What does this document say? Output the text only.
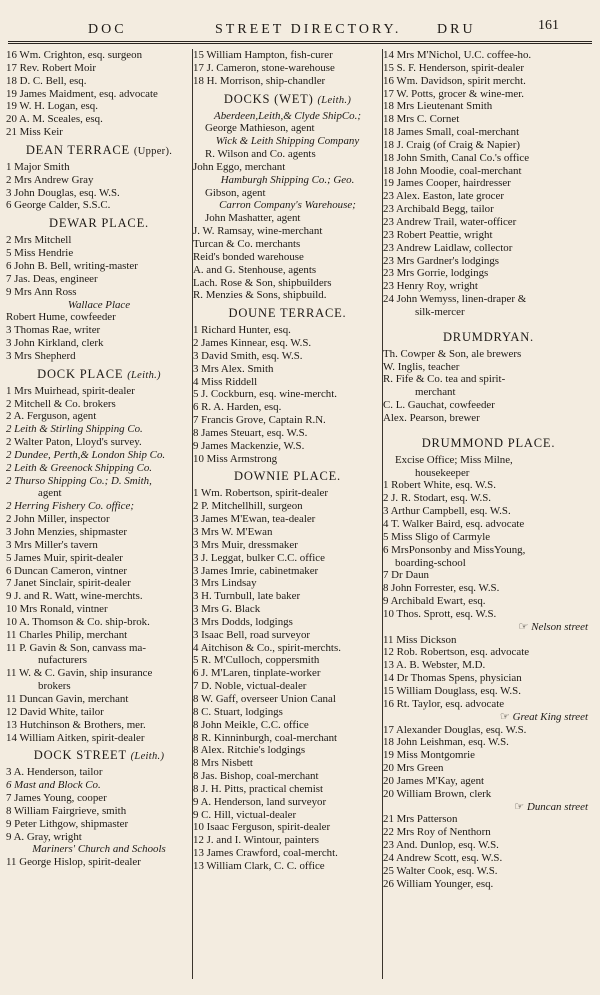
DOC	STREET DIRECTORY.	DRU	161
16 Wm. Crighton, esq. surgeon
17 Rev. Robert Moir
18 D. C. Bell, esq.
19 James Maidment, esq. advocate
19 W. H. Logan, esq.
20 A. M. Sceales, esq.
21 Miss Keir
DEAN TERRACE (Upper).
1 Major Smith
2 Mrs Andrew Gray
3 John Douglas, esq. W.S.
6 George Calder, S.S.C.
DEWAR PLACE.
2 Mrs Mitchell
5 Miss Hendrie
6 John B. Bell, writing-master
7 Jas. Deas, engineer
9 Mrs Ann Ross
Wallace Place
Robert Hume, cowfeeder
3 Thomas Rae, writer
3 John Kirkland, clerk
3 Mrs Shepherd
DOCK PLACE (Leith.)
1 Mrs Muirhead, spirit-dealer
2 Mitchell & Co. brokers
2 A. Ferguson, agent
2 Leith & Stirling Shipping Co.
2 Walter Paton, Lloyd's survey.
2 Dundee, Perth,& London Ship Co.
2 Leith & Greenock Shipping Co.
2 Thurso Shipping Co.; D. Smith,
agent
2 Herring Fishery Co. office;
2 John Miller, inspector
3 John Menzies, shipmaster
3 Mrs Miller's tavern
5 James Muir, spirit-dealer
6 Duncan Cameron, vintner
7 Janet Sinclair, spirit-dealer
9 J. and R. Watt, wine-merchts.
10 Mrs Ronald, vintner
10 A. Thomson & Co. ship-brok.
11 Charles Philip, merchant
11 P. Gavin & Son, canvass ma-
nufacturers
11 W. & C. Gavin, ship insurance
brokers
11 Duncan Gavin, merchant
12 David White, tailor
13 Hutchinson & Brothers, mer.
14 William Aitken, spirit-dealer
DOCK STREET (Leith.)
3 A. Henderson, tailor
6 Mast and Block Co.
7 James Young, cooper
8 William Fairgrieve, smith
9 Peter Lithgow, shipmaster
9 A. Gray, wright
Mariners' Church and Schools
11 George Hislop, spirit-dealer
15 William Hampton, fish-curer
17 J. Cameron, stone-warehouse
18 H. Morrison, ship-chandler
DOCKS (WET) (Leith.)
Aberdeen,Leith,& Clyde ShipCo.;
George Mathieson, agent
Wick & Leith Shipping Company
R. Wilson and Co. agents
John Eggo, merchant
Hamburgh Shipping Co.; Geo.
Gibson, agent
Carron Company's Warehouse;
John Mashatter, agent
J. W. Ramsay, wine-merchant
Turcan & Co. merchants
Reid's bonded warehouse
A. and G. Stenhouse, agents
Lach. Rose & Son, shipbuilders
R. Menzies & Sons, shipbuild.
DOUNE TERRACE.
1 Richard Hunter, esq.
2 James Kinnear, esq. W.S.
3 David Smith, esq. W.S.
3 Mrs Alex. Smith
4 Miss Riddell
5 J. Cockburn, esq. wine-mercht.
6 R. A. Harden, esq.
7 Francis Grove, Captain R.N.
8 James Steuart, esq. W.S.
9 James Mackenzie, W.S.
10 Miss Armstrong
DOWNIE PLACE.
1 Wm. Robertson, spirit-dealer
2 P. Mitchellhill, surgeon
3 James M'Ewan, tea-dealer
3 Mrs W. M'Ewan
3 Mrs Muir, dressmaker
3 J. Leggat, bulker C.C. office
3 James Imrie, cabinetmaker
3 Mrs Lindsay
3 H. Turnbull, late baker
3 Mrs G. Black
3 Mrs Dodds, lodgings
3 Isaac Bell, road surveyor
4 Aitchison & Co., spirit-merchts.
5 R. M'Culloch, coppersmith
6 J. M'Laren, tinplate-worker
7 D. Noble, victual-dealer
8 W. Gaff, overseer Union Canal
8 C. Stuart, lodgings
8 John Meikle, C.C. office
8 R. Kinninburgh, coal-merchant
8 Alex. Ritchie's lodgings
8 Mrs Nisbett
8 Jas. Bishop, coal-merchant
8 J. H. Pitts, practical chemist
9 A. Henderson, land surveyor
9 C. Hill, victual-dealer
10 Isaac Ferguson, spirit-dealer
12 J. and I. Wintour, painters
13 James Crawford, coal-mercht.
13 William Clark, C. C. office
14 Mrs M'Nichol, U.C. coffee-ho.
15 S. F. Henderson, spirit-dealer
16 Wm. Davidson, spirit mercht.
17 W. Potts, grocer & wine-mer.
18 Mrs Lieutenant Smith
18 Mrs C. Cornet
18 James Small, coal-merchant
18 J. Craig (of Craig & Napier)
18 John Smith, Canal Co.'s office
18 John Moodie, coal-merchant
19 James Cooper, hairdresser
23 Alex. Easton, late grocer
23 Archibald Begg, tailor
23 Andrew Trail, water-officer
23 Robert Peattie, wright
23 Andrew Laidlaw, collector
23 Mrs Gardner's lodgings
23 Mrs Gorrie, lodgings
23 Henry Roy, wright
24 John Wemyss, linen-draper &
silk-mercer
DRUMDRYAN.
Th. Cowper & Son, ale brewers
W. Inglis, teacher
R. Fife & Co. tea and spirit-
merchant
C. L. Gauchat, cowfeeder
Alex. Pearson, brewer
DRUMMOND PLACE.
Excise Office; Miss Milne,
housekeeper
1 Robert White, esq. W.S.
2 J. R. Stodart, esq. W.S.
3 Arthur Campbell, esq. W.S.
4 T. Walker Baird, esq. advocate
5 Miss Sligo of Carmyle
6 MrsPonsonby and MissYoung,
boarding-school
7 Dr Daun
8 John Forrester, esq. W.S.
9 Archibald Ewart, esq.
10 Thos. Sprott, esq. W.S.
☞ Nelson street
11 Miss Dickson
12 Rob. Robertson, esq. advocate
13 A. B. Webster, M.D.
14 Dr Thomas Spens, physician
15 William Douglass, esq. W.S.
16 Rt. Taylor, esq. advocate
☞ Great King street
17 Alexander Douglas, esq. W.S.
18 John Leishman, esq. W.S.
19 Miss Montgomrie
20 Mrs Green
20 James M'Kay, agent
20 William Brown, clerk
☞ Duncan street
21 Mrs Patterson
22 Mrs Roy of Nenthorn
23 And. Dunlop, esq. W.S.
24 Andrew Scott, esq. W.S.
25 Walter Cook, esq. W.S.
26 William Younger, esq.
